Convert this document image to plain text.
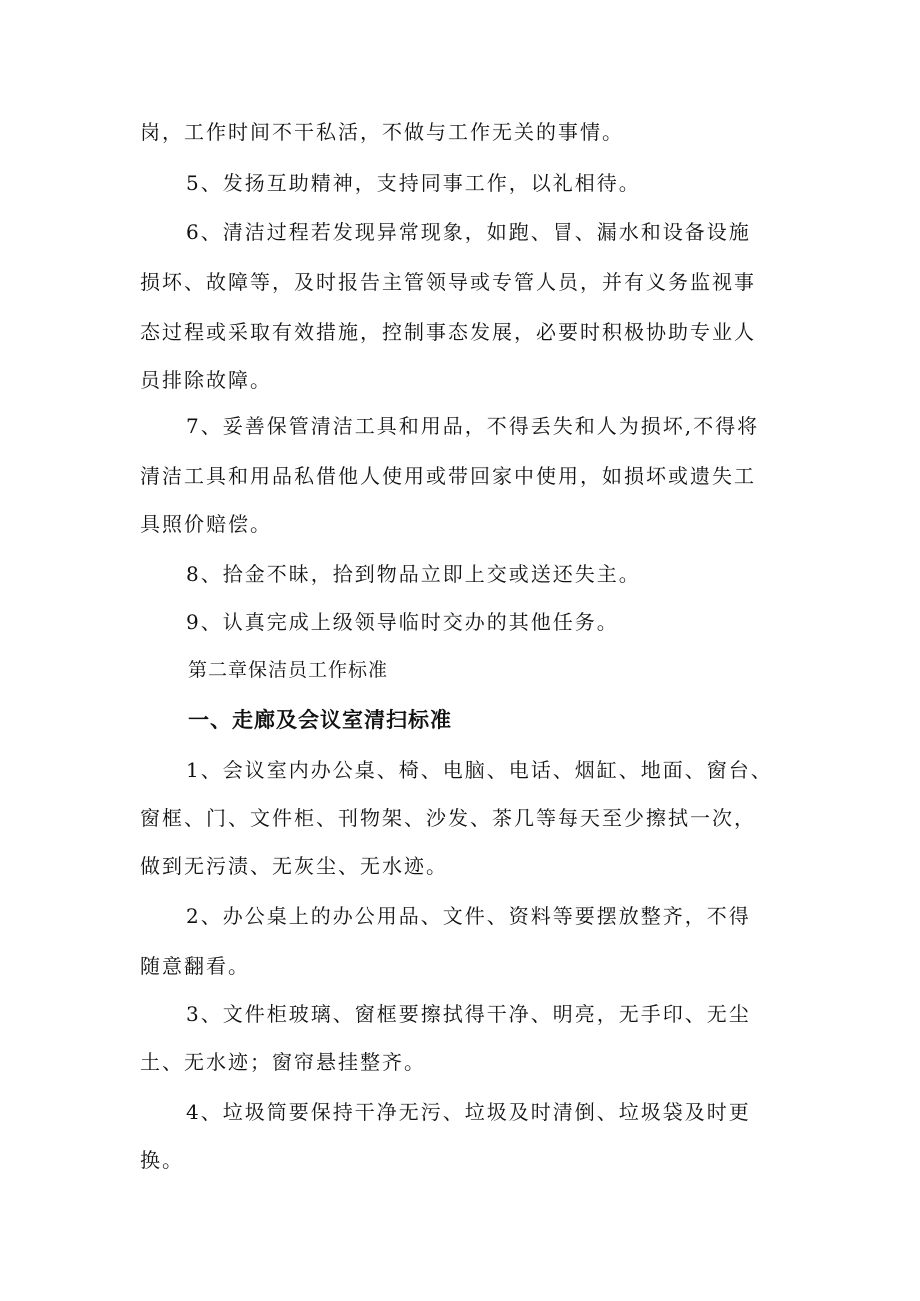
岗，工作时间不干私活，不做与工作无关的事情。
5、发扬互助精神，支持同事工作，以礼相待。
6、清洁过程若发现异常现象，如跑、冒、漏水和设备设施
损坏、故障等，及时报告主管领导或专管人员，并有义务监视事
态过程或采取有效措施，控制事态发展，必要时积极协助专业人
员排除故障。
7、妥善保管清洁工具和用品，不得丢失和人为损坏,不得将
清洁工具和用品私借他人使用或带回家中使用，如损坏或遗失工
具照价赔偿。
8、拾金不昧，拾到物品立即上交或送还失主。
9、认真完成上级领导临时交办的其他任务。
第二章保洁员工作标准
一、走廊及会议室清扫标准
1、会议室内办公桌、椅、电脑、电话、烟缸、地面、窗台、
窗框、门、文件柜、刊物架、沙发、茶几等每天至少擦拭一次，
做到无污渍、无灰尘、无水迹。
2、办公桌上的办公用品、文件、资料等要摆放整齐，不得
随意翻看。
3、文件柜玻璃、窗框要擦拭得干净、明亮，无手印、无尘
土、无水迹；窗帘悬挂整齐。
4、垃圾筒要保持干净无污、垃圾及时清倒、垃圾袋及时更
换。
